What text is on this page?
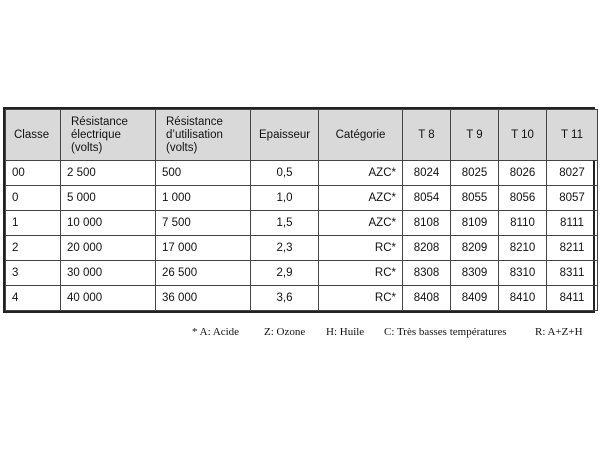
Classe	Résistance
électrique
(volts)	Résistance
d’utilisation
(volts)	Epaisseur	Catégorie	T 8	T 9	T 10	T 11
00	2 500	500	0,5	AZC*	8024	8025	8026	8027
0	5 000	1 000	1,0	AZC*	8054	8055	8056	8057
1	10 000	7 500	1,5	AZC*	8108	8109	8110	8111
2	20 000	17 000	2,3	RC*	8208	8209	8210	8211
3	30 000	26 500	2,9	RC*	8308	8309	8310	8311
4	40 000	36 000	3,6	RC*	8408	8409	8410	8411
* A: Acide Z: Ozone H: Huile C: Très basses températures	R: A+Z+H
